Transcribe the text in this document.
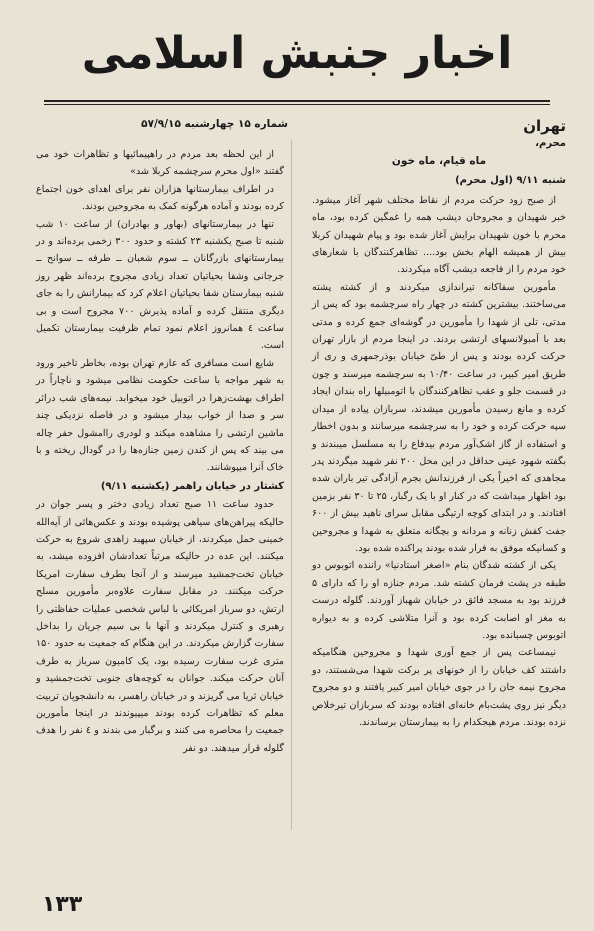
اخبار جنبش اسلامی
شماره ۱۵ چهارشنبه ۵۷/۹/۱۵	تهران
محرم،
ماه قیام، ماه خون
شنبه ۹/۱۱ (اول محرم)

از صبح زود حرکت مردم از نقاط مختلف شهر آغاز میشود. خبر شهیدان و مجروحان دیشب همه را غمگین کرده بود، ماه محرم با خون شهیدان برایش آغاز شده بود و پیام شهیدان کربلا بیش از همیشه الهام بخش بود.... تظاهرکنندگان با شعارهای خود مردم را از فاجعه دیشب آگاه میکردند.

مأمورین سفاکانه تیراندازی میکردند و از کشته پشته می‌ساختند. بیشترین کشته در چهار راه سرچشمه بود که پس از مدتی، تلی از شهدا را مأمورین در گوشه‌ای جمع کرده و مدتی بعد با آمبولانسهای ارتشی بردند. در اینجا مردم از بازار تهران حرکت کرده بودند و پس از طیّ خیابان بوذرجمهری و ری از طریق امیر کبیر، در ساعت ۱۰/۴۰ به سرچشمه میرسند و چون در قسمت جلو و عقب تظاهرکنندگان با اتومبیلها راه بندان ایجاد کرده و مانع رسیدن مأمورین میشدند، سربازان پیاده از میدان سپه حرکت کرده و خود را به سرچشمه میرسانند و بدون اخطار و استفاده از گاز اشک‌آور مردم بیدفاع را به مسلسل میبندند و بگفته شهود عینی حداقل در این محل ۲۰۰ نفر شهید میگردند پدر مجاهدی که اخیراً یکی از فرزندانش بجرم آزادگی تیر باران شده بود اظهار میداشت که در کنار او با یک رگبار، ۲۵ تا ۳۰ نفر بزمین افتادند. و در ابتدای کوچه ارتیگی مقابل سرای ناهید بیش از ۶۰۰ جفت کفش زنانه و مردانه و بچگانه متعلق به شهدا و مجروحین و کسانیکه موفق به فرار شده بودند پراکنده شده بود.

یکی از کشته شدگان بنام «اصغر استادنیا» راننده اتوبوس دو طبقه در پشت فرمان کشته شد. مردم جنازه او را که دارای ۵ فرزند بود به مسجد فائق در خیابان شهباز آوردند. گلوله درست به مغز او اصابت کرده بود و آنرا متلاشی کرده و به دیواره اتوبوس چسبانده بود.

نیمساعت پس از جمع آوری شهدا و مجروحین هنگامیکه داشتند کف خیابان را از خونهای پر برکت شهدا می‌شستند، دو مجروح نیمه جان را در جوی خیابان امیر کبیر یافتند و دو مجروح دیگر نیز روی پشت‌بام خانه‌ای افتاده بودند که سربازان تیرخلاص نزده بودند. مردم هیجکدام را به بیمارستان برساندند.

از این لحظه بعد مردم در راهپیمائیها و تظاهرات خود می گفتند «اول محرم سرچشمه کربلا شد»

در اطراف بیمارستانها هزاران نفر برای اهدای خون اجتماع کرده بودند و آماده هرگونه کمک به مجروحین بودند.

تنها در بیمارستانهای (بهاور و بهادران) از ساعت ۱۰ شب شنبه تا صبح یکشنبه ۲۳ کشته و حدود ۳۰۰ زخمی برده‌اند و در بیمارستانهای بازرگانان ــ سوم شعبان ــ طرفه ــ سوانح ــ جرجانی وشفا بحیاتیان تعداد زیادی مجروح برده‌اند ظهر روز شنبه بیمارستان شفا بحیاتیان اعلام کرد که بیمارانش را به جای دیگری منتقل کرده و آماده پذیرش ۷۰۰ مجروح است و بی ساعت ٤ همانروز اعلام نمود تمام ظرفیت بیمارستان تکمیل است.

شایع است مسافری که عازم تهران بوده، بخاطر تاخیر ورود به شهر مواجه با ساعت حکومت نظامی میشود و ناچاراً در اطراف بهشت‌زهرا در اتوبیل خود میخوابد. نیمه‌های شب دراثر سر و صدا از خواب بیدار میشود و در فاصله نزدیکی چند ماشین ارتشی را مشاهده میکند و لودری راامشول حفر چاله می بیند که پس از کندن زمین جنازه‌ها را در گودال ریخته و با خاک آنرا میپوشانند.

کشتار در خیابان راهمر (یکشنبه ۹/۱۱)

حدود ساعت ۱۱ صبح تعداد زیادی دختر و پسر جوان در حالیکه پیراهن‌های سیاهی پوشیده بودند و عکس‌هائی از آیه‌الله خمینی حمل میکردند، از خیابان سپهبد زاهدی شروع به حرکت میکنند. این عده در حالیکه مرتباً تعدادشان افزوده میشد، به خیابان تخت‌جمشید میرسند و از آنجا بطرف سفارت امریکا حرکت میکنند. در مقابل سفارت علاوه‌بر مأمورین مسلح ارتش، دو سرباز امریکائی با لباس شخصی عملیات حفاظتی را رهبری و کنترل میکردند و آنها با بی سیم جریان را بداخل سفارت گزارش میکردند. در این هنگام که جمعیت به حدود ۱۵۰ متری غرب سفارت رسیده بود، یک کامیون سرباز به طرف آنان حرکت میکند. جوانان به کوچه‌های جنوبی تخت‌جمشید و خیابان ثریا می گریزند و در خیابان راهسر، به دانشجویان تربیت معلم که تظاهرات کرده بودند میپیوندند در اینجا مأمورین جمعیت را محاصره می کنند و برگبار می بندند و ٤ نفر را هدف گلوله قرار میدهند. دو نفر

۱۳۳
